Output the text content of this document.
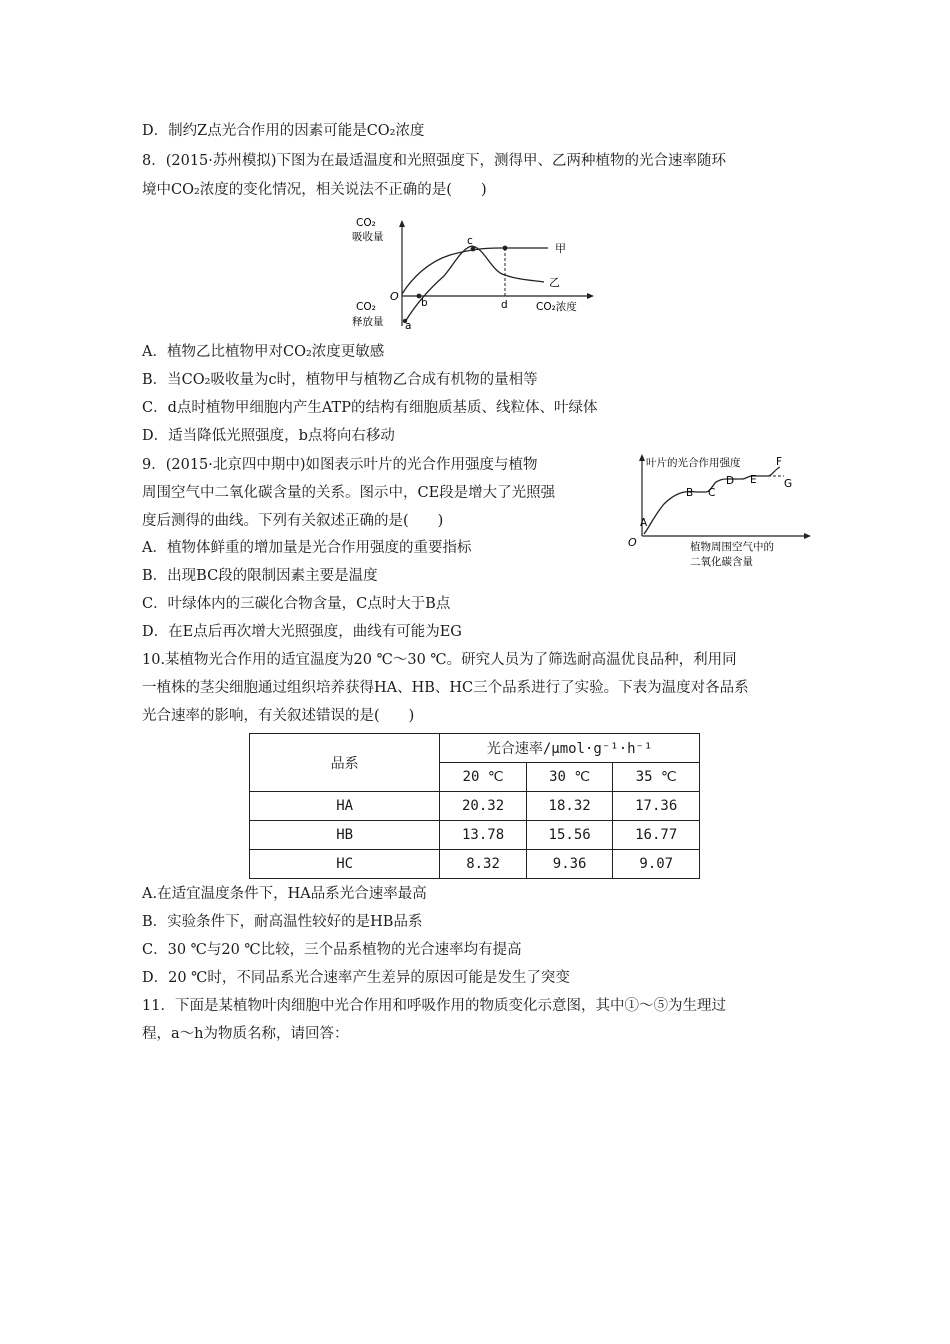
D．制约Z点光合作用的因素可能是CO₂浓度
8．(2015·苏州模拟)下图为在最适温度和光照强度下，测得甲、乙两种植物的光合速率随环
境中CO₂浓度的变化情况，相关说法不正确的是(　　)
CO₂
吸收量
CO₂
释放量
O
a
b
c
d
甲
乙
CO₂浓度
A．植物乙比植物甲对CO₂浓度更敏感
B．当CO₂吸收量为c时，植物甲与植物乙合成有机物的量相等
C．d点时植物甲细胞内产生ATP的结构有细胞质基质、线粒体、叶绿体
D．适当降低光照强度，b点将向右移动
9．(2015·北京四中期中)如图表示叶片的光合作用强度与植物
周围空气中二氧化碳含量的关系。图示中，CE段是增大了光照强
度后测得的曲线。下列有关叙述正确的是(　　)
叶片的光合作用强度
O
A
B C
D E
F
G
植物周围空气中的
二氧化碳含量
A．植物体鲜重的增加量是光合作用强度的重要指标
B．出现BC段的限制因素主要是温度
C．叶绿体内的三碳化合物含量，C点时大于B点
D．在E点后再次增大光照强度，曲线有可能为EG
10.某植物光合作用的适宜温度为20 ℃～30 ℃。研究人员为了筛选耐高温优良品种，利用同
一植株的茎尖细胞通过组织培养获得HA、HB、HC三个品系进行了实验。下表为温度对各品系
光合速率的影响，有关叙述错误的是(　　)
品系	光合速率/μmol·g⁻¹·h⁻¹		
	20 ℃	30 ℃	35 ℃
HA	20.32	18.32	17.36
HB	13.78	15.56	16.77
HC	8.32	9.36	9.07
A.在适宜温度条件下，HA品系光合速率最高
B．实验条件下，耐高温性较好的是HB品系
C．30 ℃与20 ℃比较，三个品系植物的光合速率均有提高
D．20 ℃时，不同品系光合速率产生差异的原因可能是发生了突变
11．下面是某植物叶肉细胞中光合作用和呼吸作用的物质变化示意图，其中①～⑤为生理过
程，a～h为物质名称，请回答：
